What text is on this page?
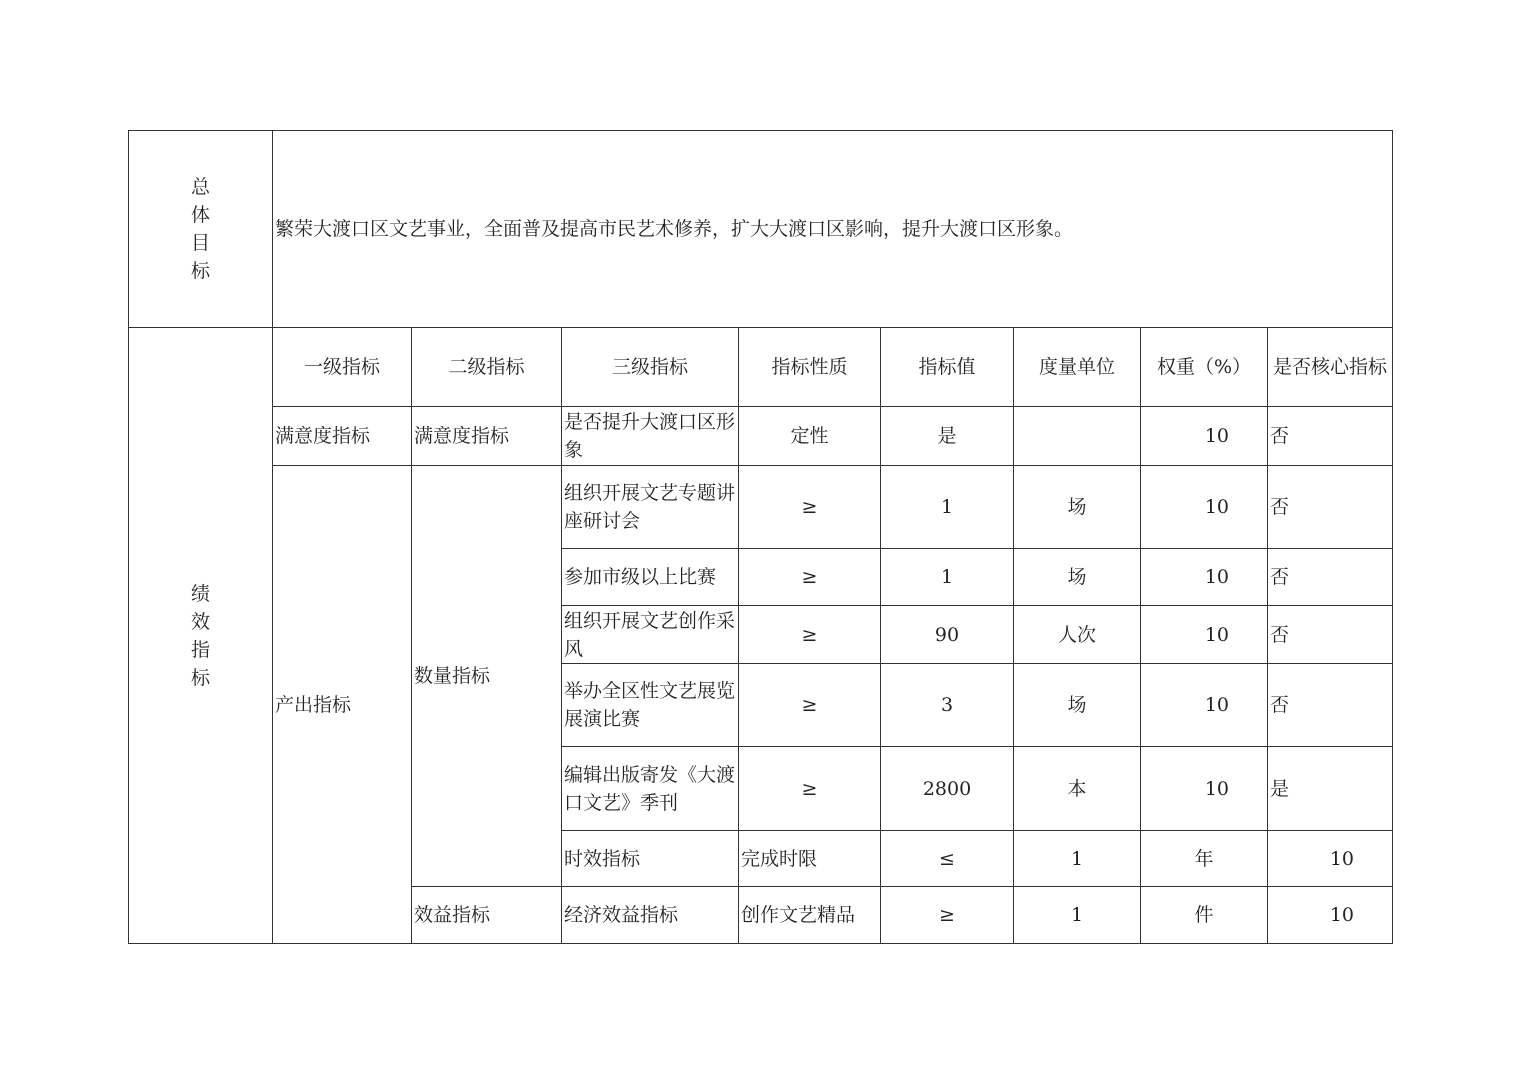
总体目标	繁荣大渡口区文艺事业，全面普及提高市民艺术修养，扩大大渡口区影响，提升大渡口区形象。								
绩效指标	一级指标	二级指标	三级指标	指标性质	指标值	度量单位	权重（%）	是否核心指标	
	满意度指标	满意度指标	是否提升大渡口区形象	定性	是		10	否	
	产出指标	数量指标	组织开展文艺专题讲座研讨会	≥	1	场	10	否	
			参加市级以上比赛	≥	1	场	10	否	
			组织开展文艺创作采风	≥	90	人次	10	否	
			举办全区性文艺展览展演比赛	≥	3	场	10	否	
			编辑出版寄发《大渡口文艺》季刊	≥	2800	本	10	是	
			时效指标	完成时限	≤	1	年	10	
		效益指标	经济效益指标	创作文艺精品	≥	1	件	10	
